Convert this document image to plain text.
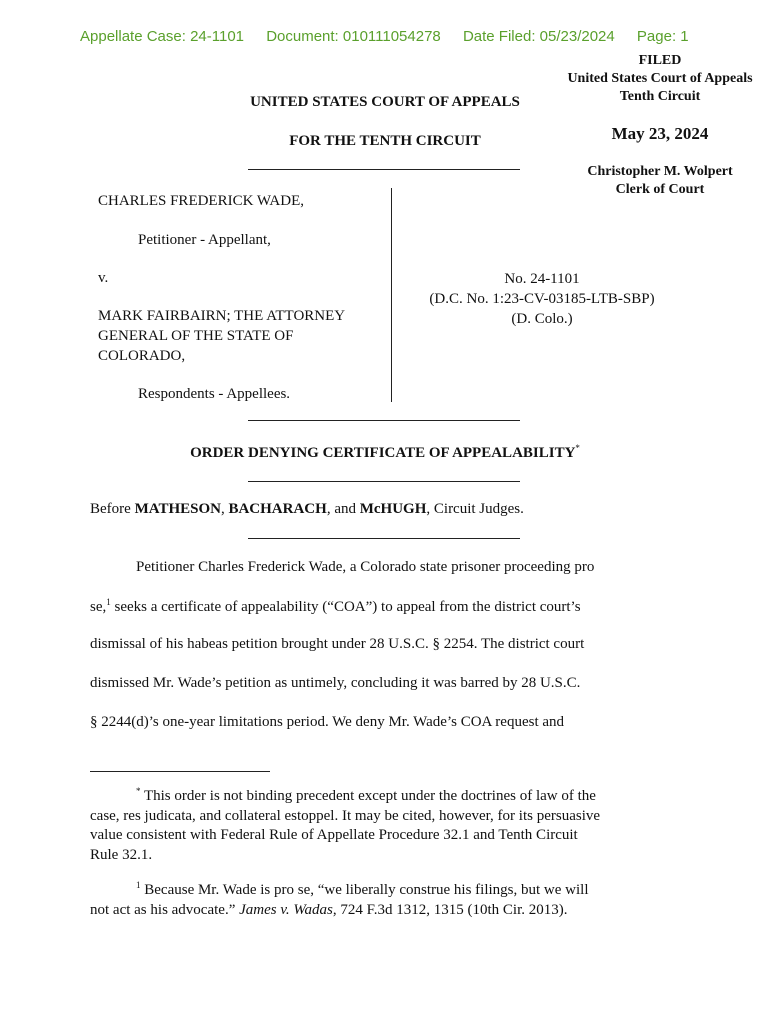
Appellate Case: 24-1101 Document: 010111054278 Date Filed: 05/23/2024 Page: 1
FILED
United States Court of Appeals
Tenth Circuit
May 23, 2024
Christopher M. Wolpert
Clerk of Court
UNITED STATES COURT OF APPEALS
FOR THE TENTH CIRCUIT
CHARLES FREDERICK WADE,
Petitioner - Appellant,
v.
MARK FAIRBAIRN; THE ATTORNEY
GENERAL OF THE STATE OF
COLORADO,
Respondents - Appellees.
No. 24-1101
(D.C. No. 1:23-CV-03185-LTB-SBP)
(D. Colo.)
ORDER DENYING CERTIFICATE OF APPEALABILITY*
Before MATHESON, BACHARACH, and McHUGH, Circuit Judges.
Petitioner Charles Frederick Wade, a Colorado state prisoner proceeding pro
se,$^1$ seeks a certificate of appealability (“COA”) to appeal from the district court’s
dismissal of his habeas petition brought under 28 U.S.C. § 2254. The district court
dismissed Mr. Wade’s petition as untimely, concluding it was barred by 28 U.S.C.
§ 2244(d)’s one-year limitations period. We deny Mr. Wade’s COA request and
* This order is not binding precedent except under the doctrines of law of the
case, res judicata, and collateral estoppel. It may be cited, however, for its persuasive
value consistent with Federal Rule of Appellate Procedure 32.1 and Tenth Circuit
Rule 32.1.
$^1$ Because Mr. Wade is pro se, “we liberally construe his filings, but we will
not act as his advocate.” James v. Wadas, 724 F.3d 1312, 1315 (10th Cir. 2013).
